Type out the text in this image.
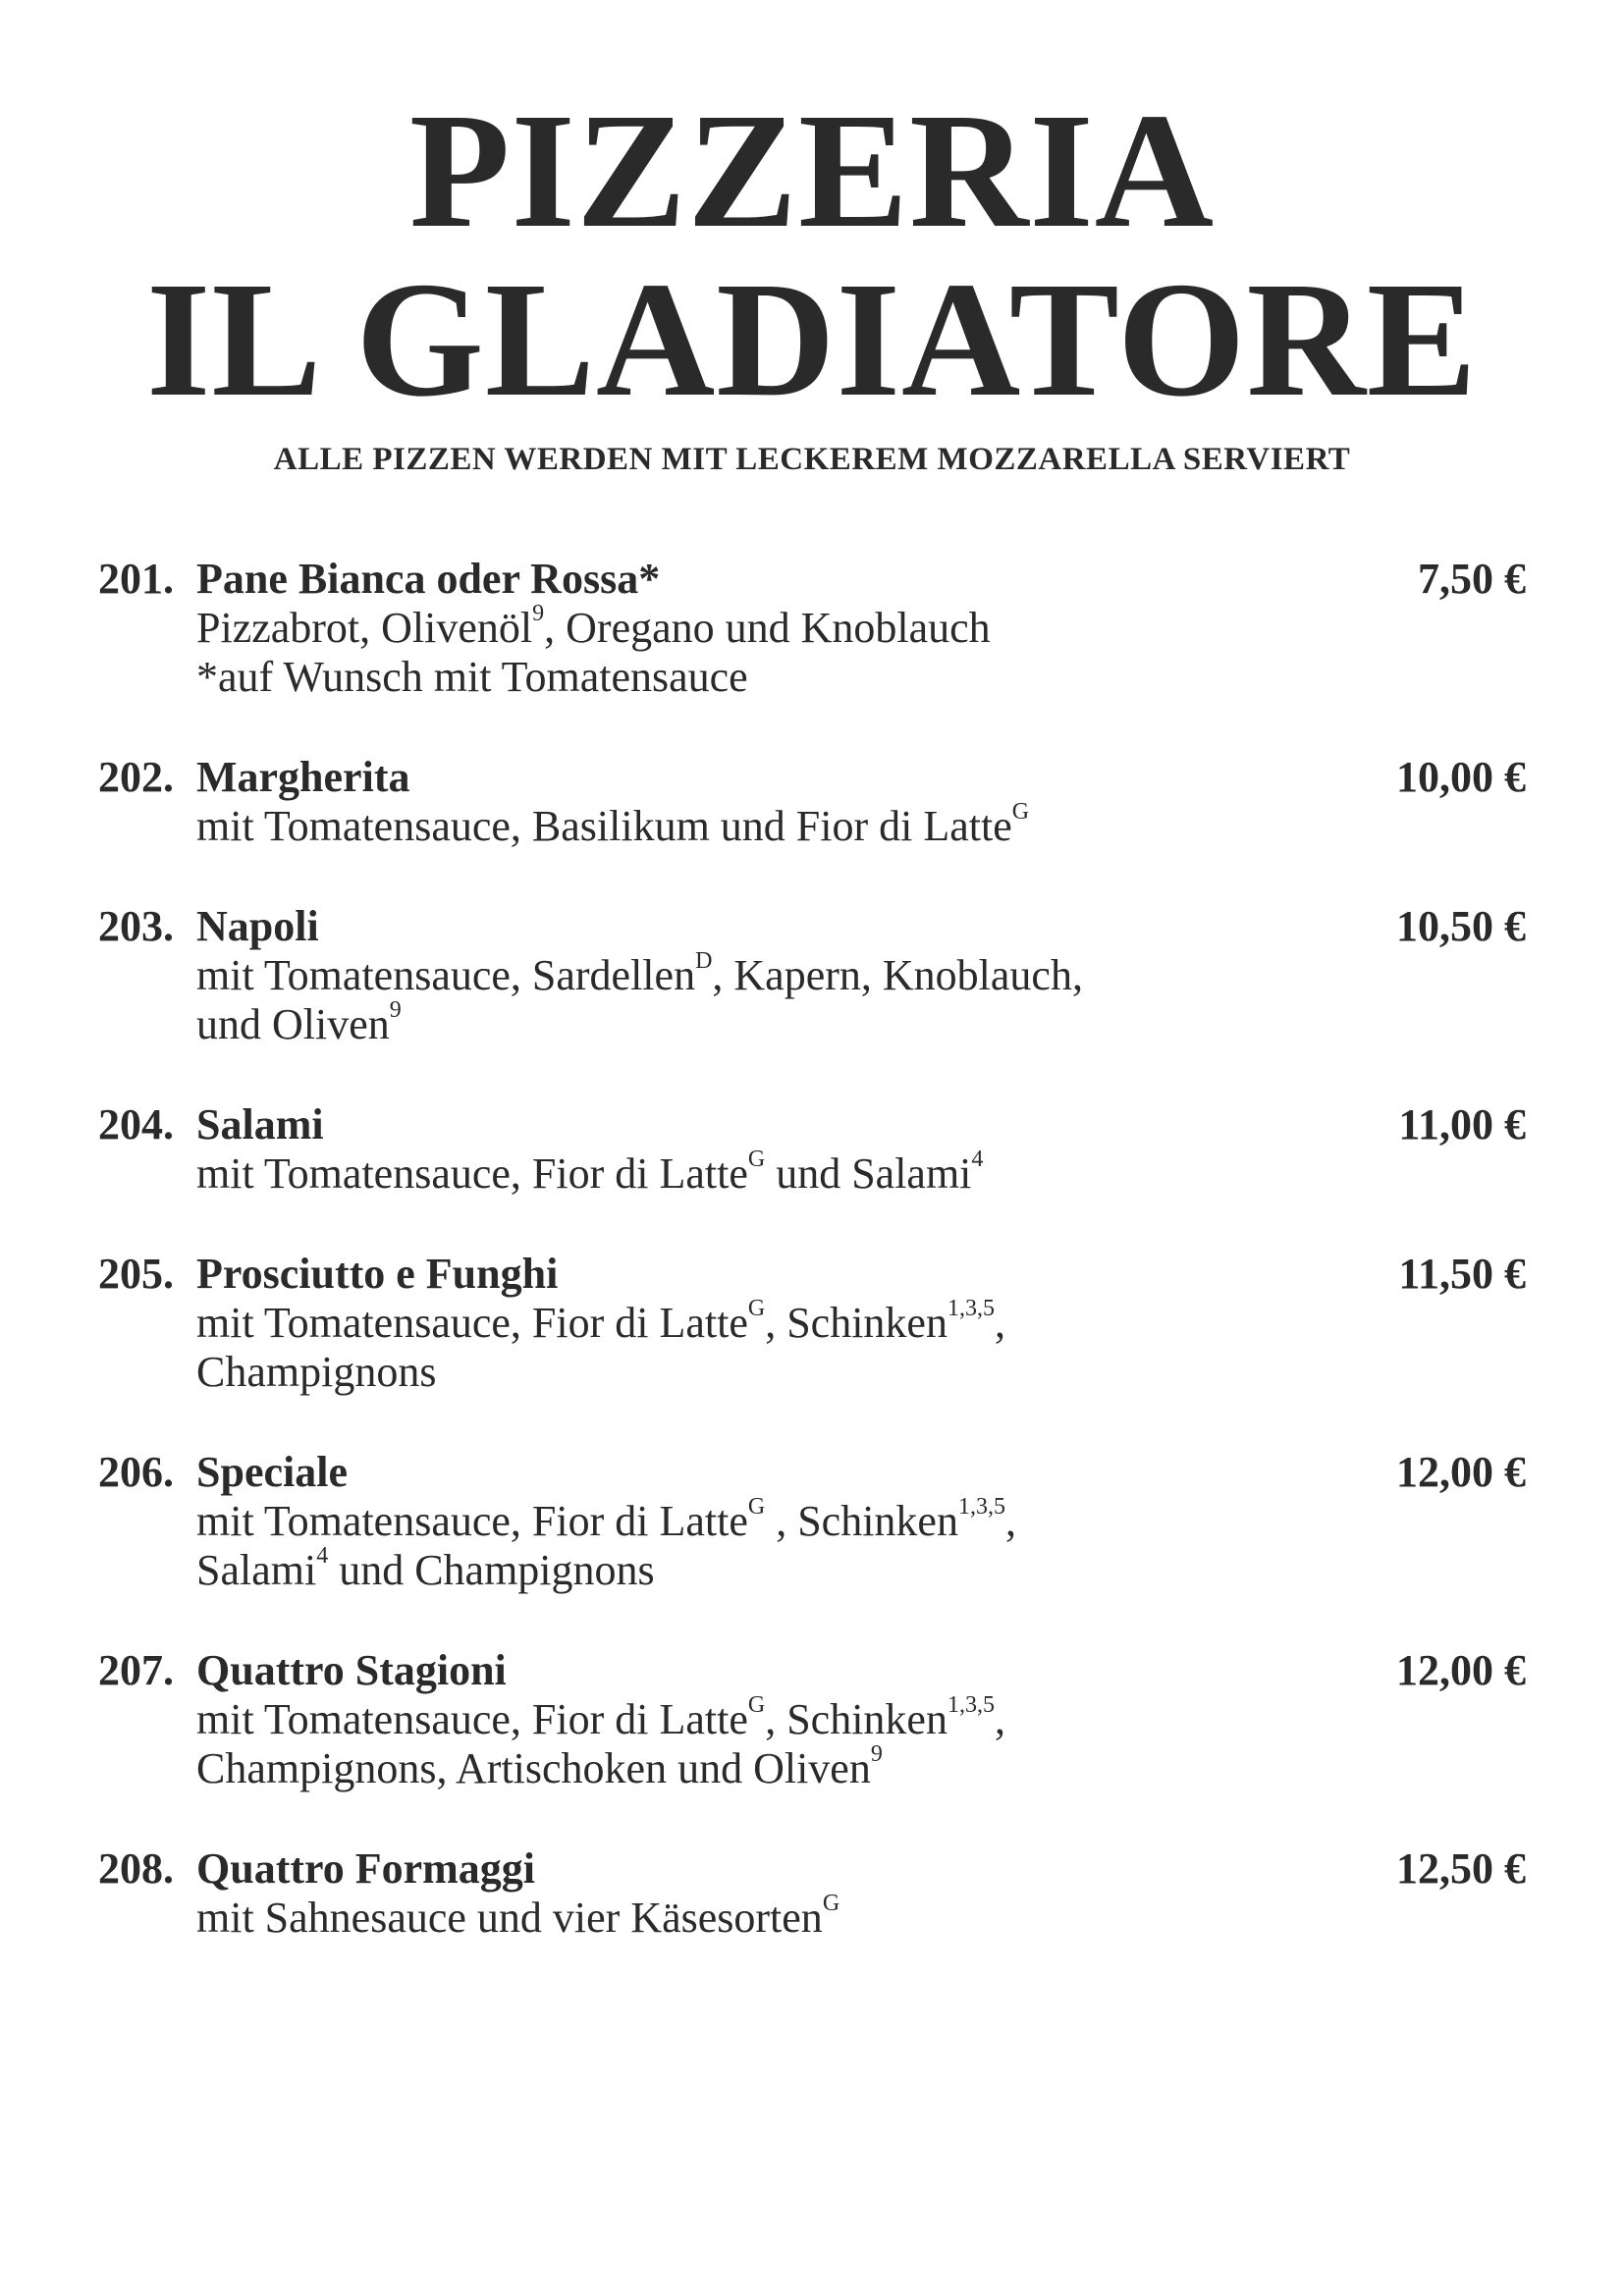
PIZZERIA
IL GLADIATORE
ALLE PIZZEN WERDEN MIT LECKEREM MOZZARELLA SERVIERT
201. Pane Bianca oder Rossa*	7,50 €
Pizzabrot, Olivenöl$^9$, Oregano und Knoblauch
*auf Wunsch mit Tomatensauce
202. Margherita	10,00 €
mit Tomatensauce, Basilikum und Fior di Latte$^G$
203. Napoli	10,50 €
mit Tomatensauce, Sardellen$^D$, Kapern, Knoblauch,
und Oliven$^9$
204. Salami	11,00 €
mit Tomatensauce, Fior di Latte$^G$ und Salami$^4$
205. Prosciutto e Funghi	11,50 €
mit Tomatensauce, Fior di Latte$^G$, Schinken$^{1,3,5}$,
Champignons
206. Speciale	12,00 €
mit Tomatensauce, Fior di Latte$^G$ , Schinken$^{1,3,5}$,
Salami$^4$ und Champignons
207. Quattro Stagioni	12,00 €
mit Tomatensauce, Fior di Latte$^G$, Schinken$^{1,3,5}$,
Champignons, Artischoken und Oliven$^9$
208. Quattro Formaggi	12,50 €
mit Sahnesauce und vier Käsesorten$^G$
